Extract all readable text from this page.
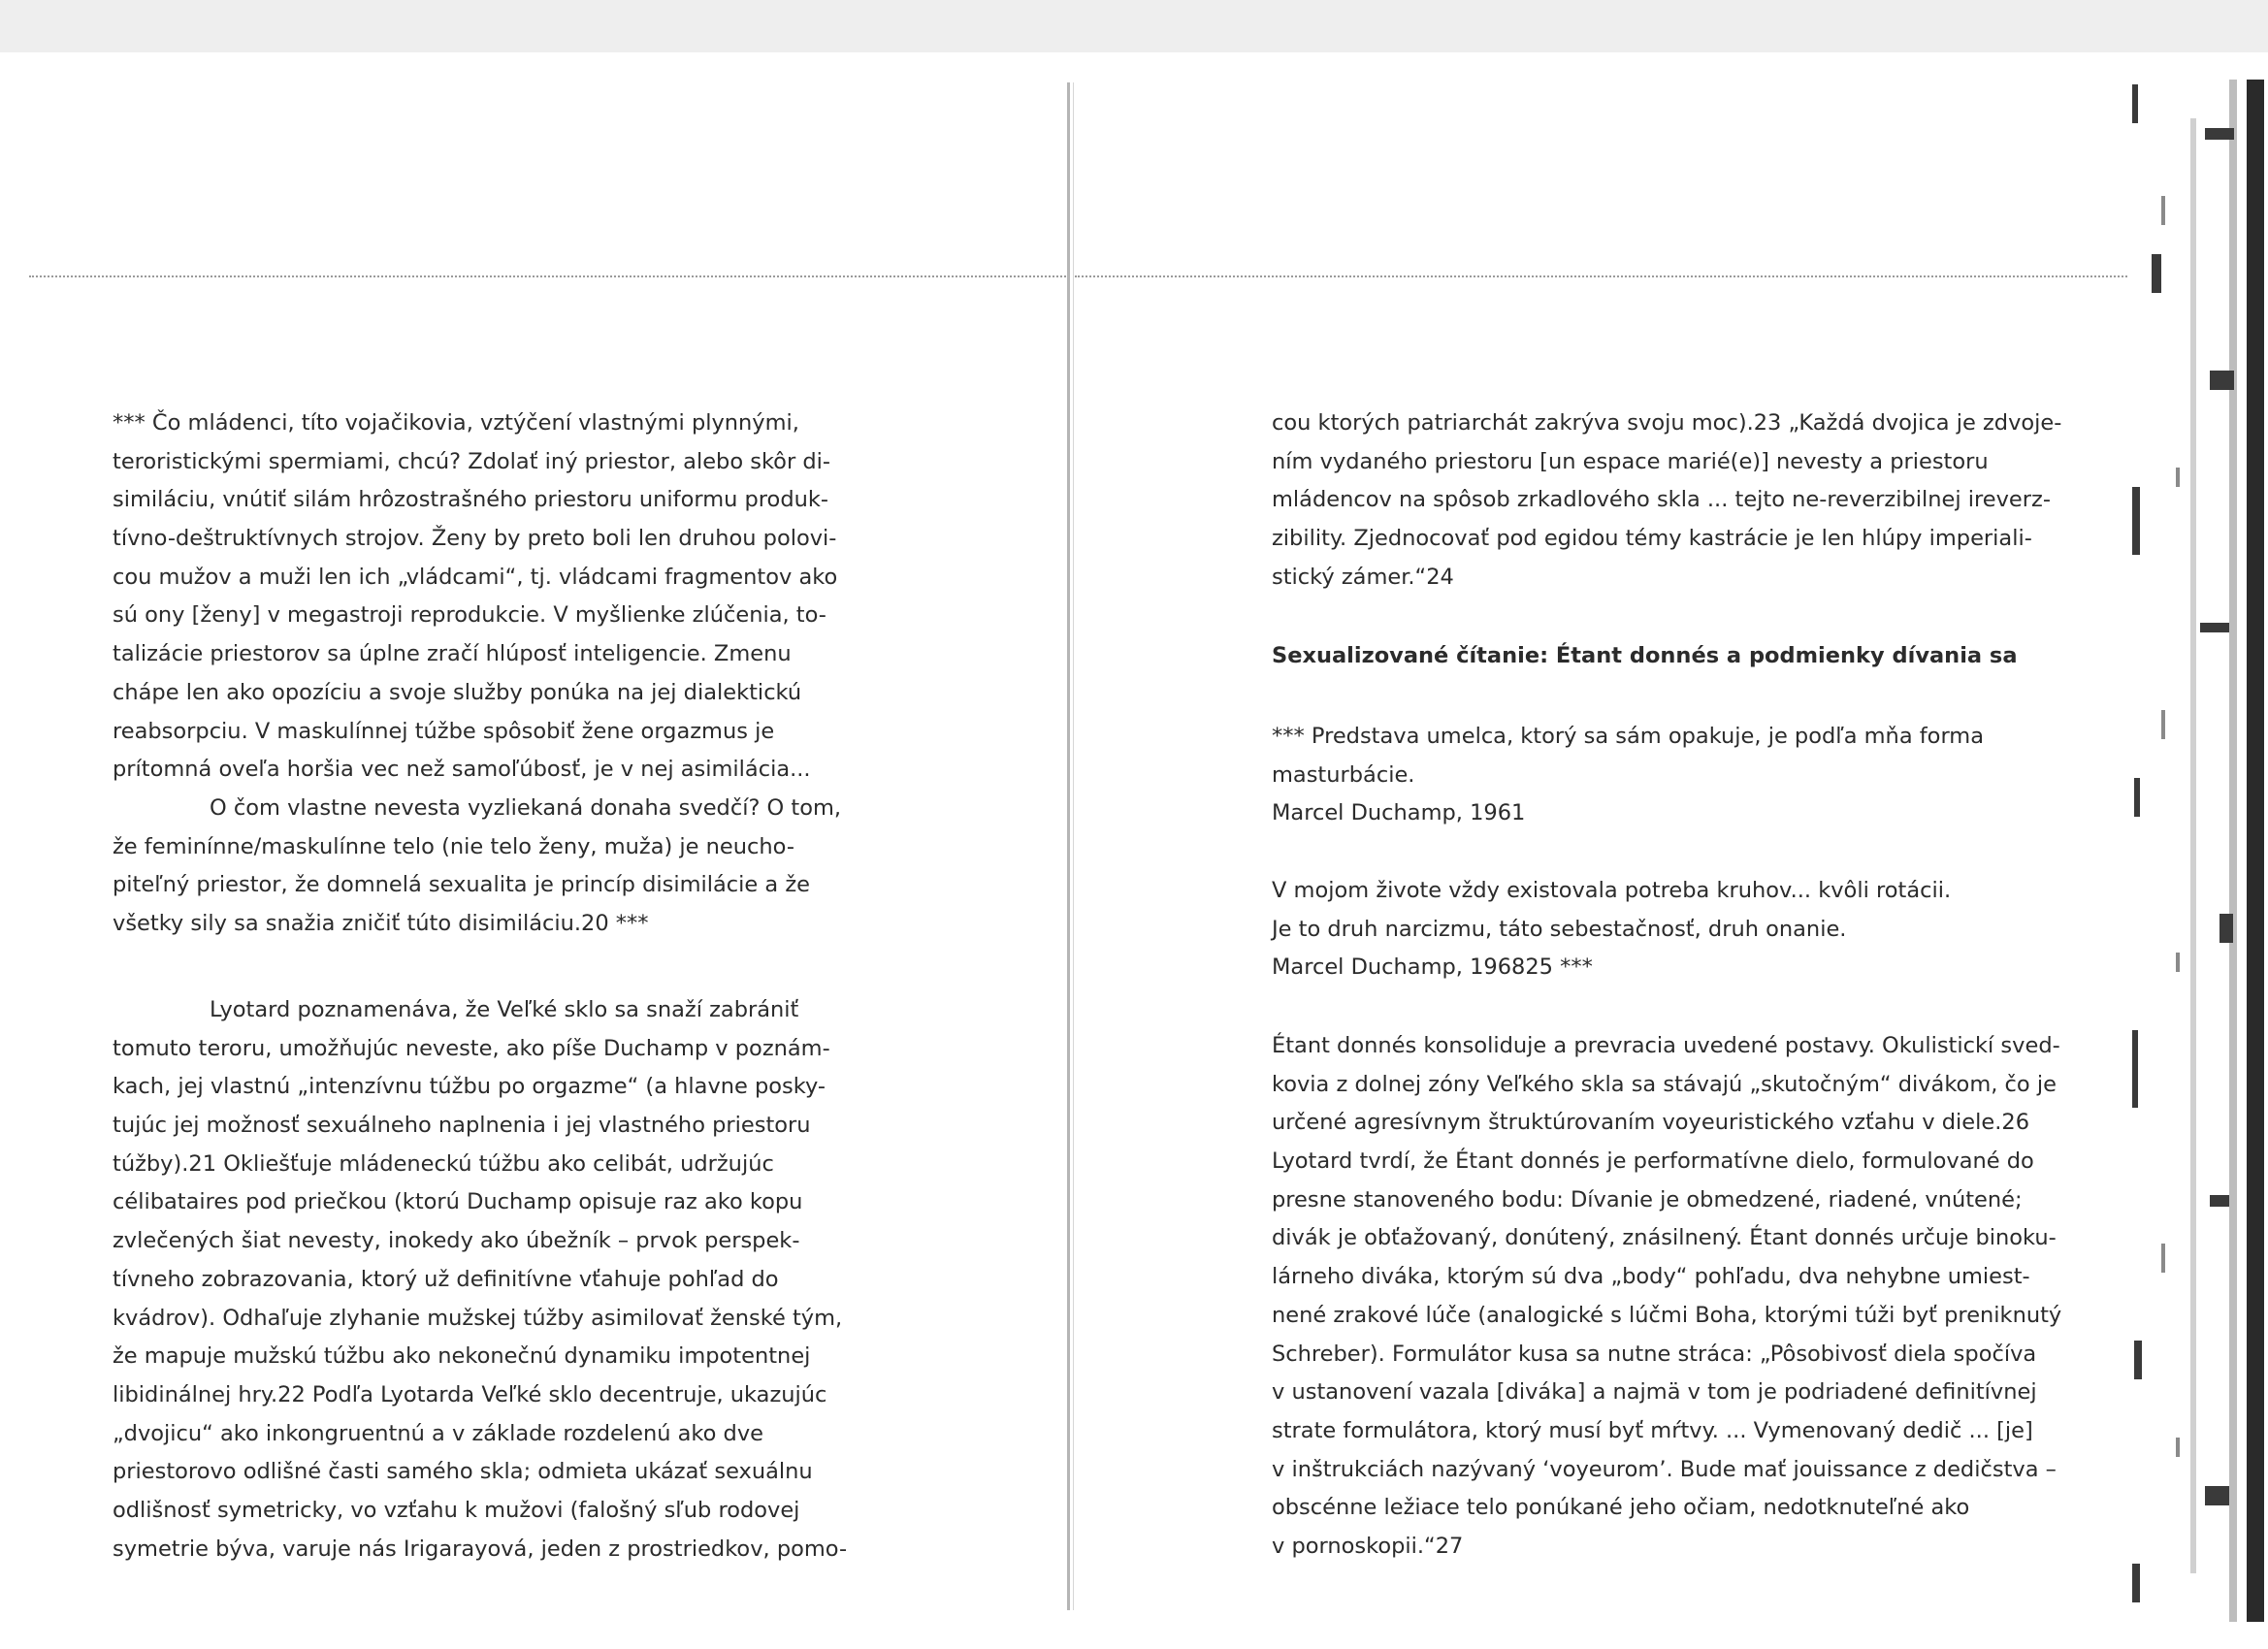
*** Čo mládenci, títo vojačikovia, vztýčení vlastnými plynnými,
teroristickými spermiami, chcú? Zdolať iný priestor, alebo skôr di-
similáciu, vnútiť silám hrôzostrašného priestoru uniformu produk-
tívno-deštruktívnych strojov. Ženy by preto boli len druhou polovi-
cou mužov a muži len ich „vládcami“, tj. vládcami fragmentov ako
sú ony [ženy] v megastroji reprodukcie. V myšlienke zlúčenia, to-
talizácie priestorov sa úplne zračí hlúposť inteligencie. Zmenu
chápe len ako opozíciu a svoje služby ponúka na jej dialektickú
reabsorpciu. V maskulínnej túžbe spôsobiť žene orgazmus je
prítomná oveľa horšia vec než samoľúbosť, je v nej asimilácia...
O čom vlastne nevesta vyzliekaná donaha svedčí? O tom,
že feminínne/maskulínne telo (nie telo ženy, muža) je neucho-
piteľný priestor, že domnelá sexualita je princíp disimilácie a že
všetky sily sa snažia zničiť túto disimiláciu.20 ***
Lyotard poznamenáva, že Veľké sklo sa snaží zabrániť
tomuto teroru, umožňujúc neveste, ako píše Duchamp v poznám-
kach, jej vlastnú „intenzívnu túžbu po orgazme“ (a hlavne posky-
tujúc jej možnosť sexuálneho naplnenia i jej vlastného priestoru
túžby).21 Okliešťuje mládeneckú túžbu ako celibát, udržujúc
célibataires pod priečkou (ktorú Duchamp opisuje raz ako kopu
zvlečených šiat nevesty, inokedy ako úbežník – prvok perspek-
tívneho zobrazovania, ktorý už definitívne vťahuje pohľad do
kvádrov). Odhaľuje zlyhanie mužskej túžby asimilovať ženské tým,
že mapuje mužskú túžbu ako nekonečnú dynamiku impotentnej
libidinálnej hry.22 Podľa Lyotarda Veľké sklo decentruje, ukazujúc
„dvojicu“ ako inkongruentnú a v základe rozdelenú ako dve
priestorovo odlišné časti samého skla; odmieta ukázať sexuálnu
odlišnosť symetricky, vo vzťahu k mužovi (falošný sľub rodovej
symetrie býva, varuje nás Irigarayová, jeden z prostriedkov, pomo-
cou ktorých patriarchát zakrýva svoju moc).23 „Každá dvojica je zdvoje-
ním vydaného priestoru [un espace marié(e)] nevesty a priestoru
mládencov na spôsob zrkadlového skla ... tejto ne-reverzibilnej ireverz-
zibility. Zjednocovať pod egidou témy kastrácie je len hlúpy imperiali-
stický zámer.“24
Sexualizované čítanie: Étant donnés a podmienky dívania sa
*** Predstava umelca, ktorý sa sám opakuje, je podľa mňa forma
masturbácie.
Marcel Duchamp, 1961
V mojom živote vždy existovala potreba kruhov... kvôli rotácii.
Je to druh narcizmu, táto sebestačnosť, druh onanie.
Marcel Duchamp, 196825 ***
Étant donnés konsoliduje a prevracia uvedené postavy. Okulistickí sved-
kovia z dolnej zóny Veľkého skla sa stávajú „skutočným“ divákom, čo je
určené agresívnym štruktúrovaním voyeuristického vzťahu v diele.26
Lyotard tvrdí, že Étant donnés je performatívne dielo, formulované do
presne stanoveného bodu: Dívanie je obmedzené, riadené, vnútené;
divák je obťažovaný, donútený, znásilnený. Étant donnés určuje binoku-
lárneho diváka, ktorým sú dva „body“ pohľadu, dva nehybne umiest-
nené zrakové lúče (analogické s lúčmi Boha, ktorými túži byť preniknutý
Schreber). Formulátor kusa sa nutne stráca: „Pôsobivosť diela spočíva
v ustanovení vazala [diváka] a najmä v tom je podriadené definitívnej
strate formulátora, ktorý musí byť mŕtvy. ... Vymenovaný dedič ... [je]
v inštrukciách nazývaný ‘voyeurom’. Bude mať jouissance z dedičstva –
obscénne ležiace telo ponúkané jeho očiam, nedotknuteľné ako
v pornoskopii.“27
